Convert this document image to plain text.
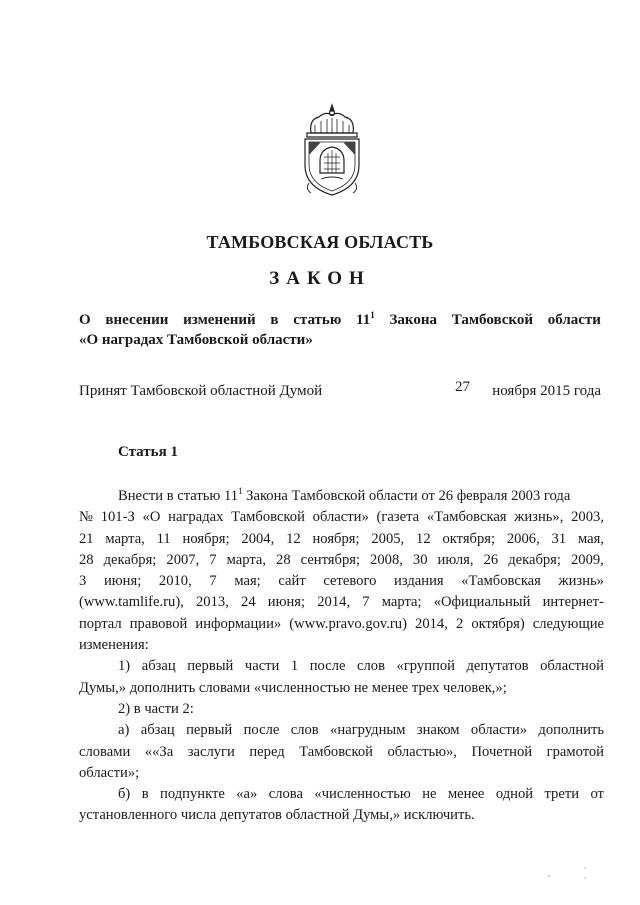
ТАМБОВСКАЯ ОБЛАСТЬ
ЗАКОН
О внесении изменений в статью $11^1$ Закона Тамбовской области
«О наградах Тамбовской области»
Принят Тамбовской областной Думой	27 ноября 2015 года
Статья 1
Внести в статью $11^1$ Закона Тамбовской области от 26 февраля 2003 года
№ 101-З «О наградах Тамбовской области» (газета «Тамбовская жизнь», 2003,
21 марта, 11 ноября; 2004, 12 ноября; 2005, 12 октября; 2006, 31 мая,
28 декабря; 2007, 7 марта, 28 сентября; 2008, 30 июля, 26 декабря; 2009,
3 июня; 2010, 7 мая; сайт сетевого издания «Тамбовская жизнь»
(www.tamlife.ru), 2013, 24 июня; 2014, 7 марта; «Официальный интернет-
портал правовой информации» (www.pravo.gov.ru) 2014, 2 октября) следующие
изменения:
1) абзац первый части 1 после слов «группой депутатов областной
Думы,» дополнить словами «численностью не менее трех человек,»;
2) в части 2:
а) абзац первый после слов «нагрудным знаком области» дополнить
словами ««За заслуги перед Тамбовской областью», Почетной грамотой
области»;
б) в подпункте «а» слова «численностью не менее одной трети от
установленного числа депутатов областной Думы,» исключить.
